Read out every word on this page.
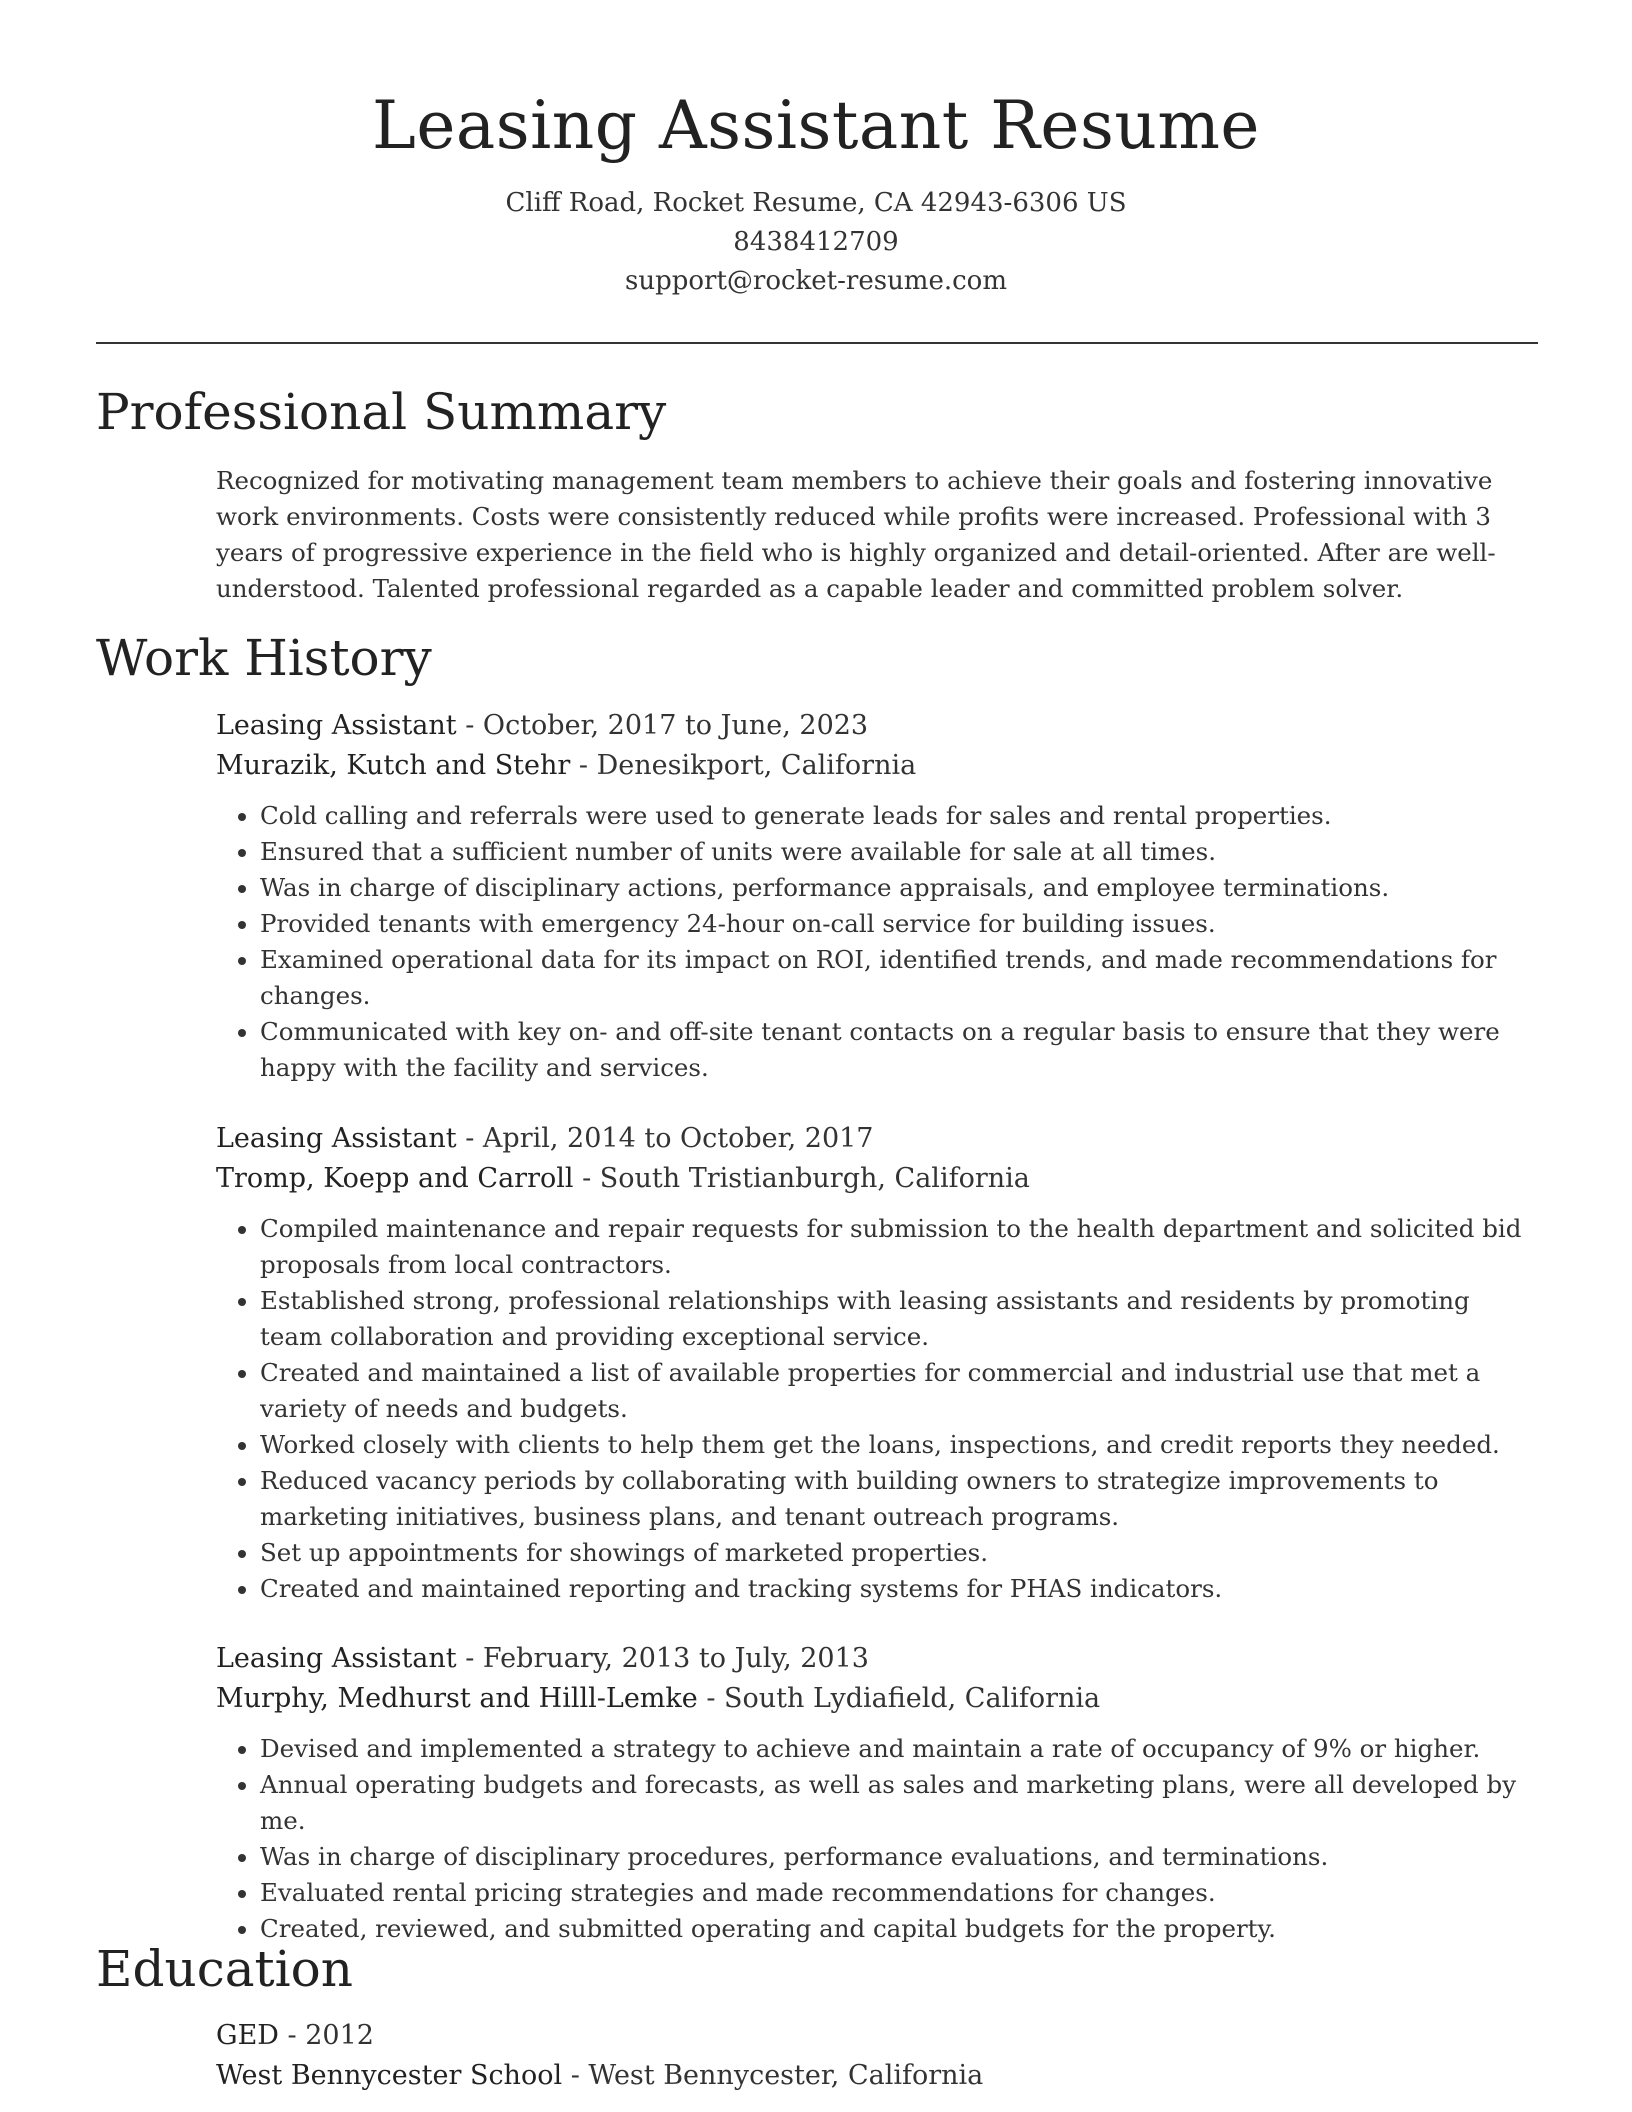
Leasing Assistant Resume

Cliff Road, Rocket Resume, CA 42943-6306 US

8438412709

support@rocket-resume.com

Professional Summary

Recognized for motivating management team members to achieve their goals and fostering innovative work environments. Costs were consistently reduced while profits were increased. Professional with 3 years of progressive experience in the field who is highly organized and detail-oriented. After are well-understood. Talented professional regarded as a capable leader and committed problem solver.

Work History

Leasing Assistant - October, 2017 to June, 2023

Murazik, Kutch and Stehr - Denesikport, California

• Cold calling and referrals were used to generate leads for sales and rental properties.
• Ensured that a sufficient number of units were available for sale at all times.
• Was in charge of disciplinary actions, performance appraisals, and employee terminations.
• Provided tenants with emergency 24-hour on-call service for building issues.
• Examined operational data for its impact on ROI, identified trends, and made recommendations for changes.
• Communicated with key on- and off-site tenant contacts on a regular basis to ensure that they were happy with the facility and services.

Leasing Assistant - April, 2014 to October, 2017

Tromp, Koepp and Carroll - South Tristianburgh, California

• Compiled maintenance and repair requests for submission to the health department and solicited bid proposals from local contractors.
• Established strong, professional relationships with leasing assistants and residents by promoting team collaboration and providing exceptional service.
• Created and maintained a list of available properties for commercial and industrial use that met a variety of needs and budgets.
• Worked closely with clients to help them get the loans, inspections, and credit reports they needed.
• Reduced vacancy periods by collaborating with building owners to strategize improvements to marketing initiatives, business plans, and tenant outreach programs.
• Set up appointments for showings of marketed properties.
• Created and maintained reporting and tracking systems for PHAS indicators.

Leasing Assistant - February, 2013 to July, 2013

Murphy, Medhurst and Hilll-Lemke - South Lydiafield, California

• Devised and implemented a strategy to achieve and maintain a rate of occupancy of 9% or higher.
• Annual operating budgets and forecasts, as well as sales and marketing plans, were all developed by me.
• Was in charge of disciplinary procedures, performance evaluations, and terminations.
• Evaluated rental pricing strategies and made recommendations for changes.
• Created, reviewed, and submitted operating and capital budgets for the property.
Education

GED - 2012

West Bennycester School - West Bennycester, California
